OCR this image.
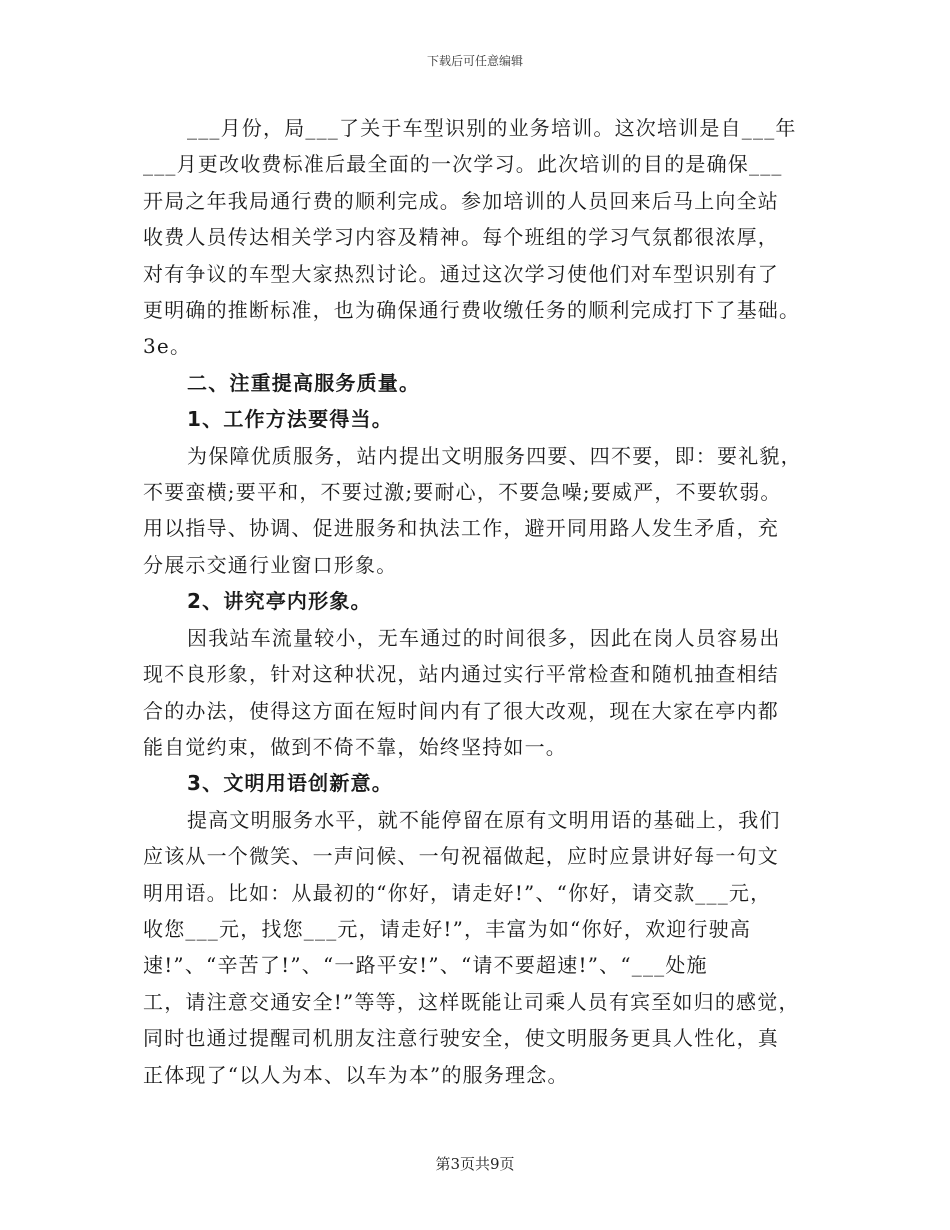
下载后可任意编辑
___月份，局___了关于车型识别的业务培训。这次培训是自___年
___月更改收费标准后最全面的一次学习。此次培训的目的是确保___
开局之年我局通行费的顺利完成。参加培训的人员回来后马上向全站
收费人员传达相关学习内容及精神。每个班组的学习气氛都很浓厚，
对有争议的车型大家热烈讨论。通过这次学习使他们对车型识别有了
更明确的推断标准，也为确保通行费收缴任务的顺利完成打下了基础。
3e。
二、注重提高服务质量。
1、工作方法要得当。
为保障优质服务，站内提出文明服务四要、四不要，即：要礼貌，
不要蛮横;要平和，不要过激;要耐心，不要急噪;要威严，不要软弱。
用以指导、协调、促进服务和执法工作，避开同用路人发生矛盾，充
分展示交通行业窗口形象。
2、讲究亭内形象。
因我站车流量较小，无车通过的时间很多，因此在岗人员容易出
现不良形象，针对这种状况，站内通过实行平常检查和随机抽查相结
合的办法，使得这方面在短时间内有了很大改观，现在大家在亭内都
能自觉约束，做到不倚不靠，始终坚持如一。
3、文明用语创新意。
提高文明服务水平，就不能停留在原有文明用语的基础上，我们
应该从一个微笑、一声问候、一句祝福做起，应时应景讲好每一句文
明用语。比如：从最初的“你好，请走好!”、“你好，请交款___元，
收您___元，找您___元，请走好!”，丰富为如“你好，欢迎行驶高
速!”、“辛苦了!”、“一路平安!”、“请不要超速!”、“___处施
工，请注意交通安全!”等等，这样既能让司乘人员有宾至如归的感觉，
同时也通过提醒司机朋友注意行驶安全，使文明服务更具人性化，真
正体现了“以人为本、以车为本”的服务理念。
第3页共9页
